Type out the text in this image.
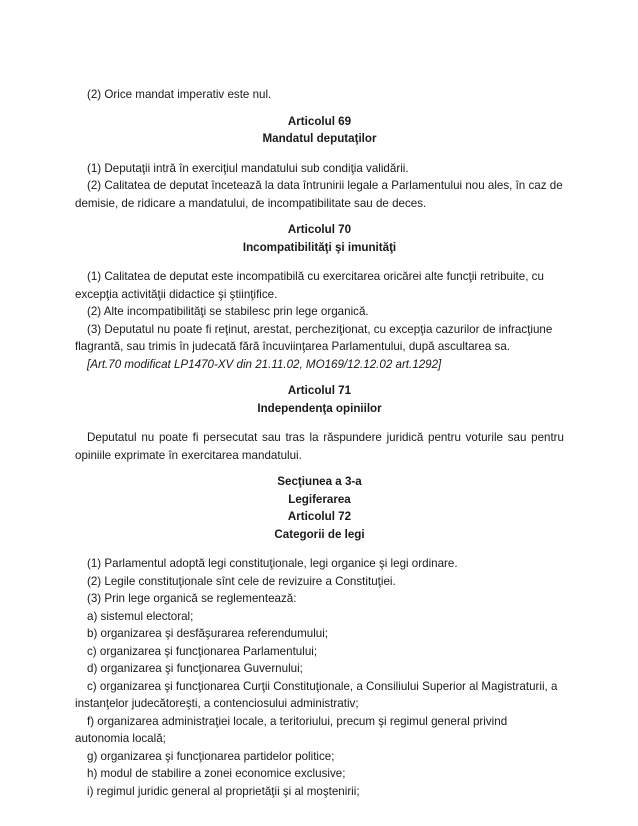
(2) Orice mandat imperativ este nul.

Articolul 69

Mandatul deputaţilor

(1) Deputaţii intră în exerciţiul mandatului sub condiţia validării.

(2) Calitatea de deputat încetează la data întrunirii legale a Parlamentului nou ales, în caz de demisie, de ridicare a mandatului, de incompatibilitate sau de deces.

Articolul 70

Incompatibilităţi şi imunităţi

(1) Calitatea de deputat este incompatibilă cu exercitarea oricărei alte funcţii retribuite, cu excepţia activităţii didactice şi ştiinţifice.

(2) Alte incompatibilităţi se stabilesc prin lege organică.

(3) Deputatul nu poate fi reţinut, arestat, percheziţionat, cu excepţia cazurilor de infracţiune flagrantă, sau trimis în judecată fără încuviinţarea Parlamentului, după ascultarea sa.

[Art.70 modificat LP1470-XV din 21.11.02, MO169/12.12.02 art.1292]

Articolul 71

Independenţa opiniilor

Deputatul nu poate fi persecutat sau tras la răspundere juridică pentru voturile sau pentru opiniile exprimate în exercitarea mandatului.

Secţiunea a 3-a

Legiferarea

Articolul 72

Categorii de legi

(1) Parlamentul adoptă legi constituţionale, legi organice şi legi ordinare.

(2) Legile constituţionale sînt cele de revizuire a Constituţiei.

(3) Prin lege organică se reglementează:

a) sistemul electoral;

b) organizarea şi desfăşurarea referendumului;

c) organizarea şi funcţionarea Parlamentului;

d) organizarea şi funcţionarea Guvernului;

c) organizarea şi funcţionarea Curţii Constituţionale, a Consiliului Superior al Magistraturii, a instanţelor judecătoreşti, a contenciosului administrativ;

f) organizarea administraţiei locale, a teritoriului, precum şi regimul general privind autonomia locală;

g) organizarea şi funcţionarea partidelor politice;

h) modul de stabilire a zonei economice exclusive;

i) regimul juridic general al proprietăţii şi al moştenirii;
